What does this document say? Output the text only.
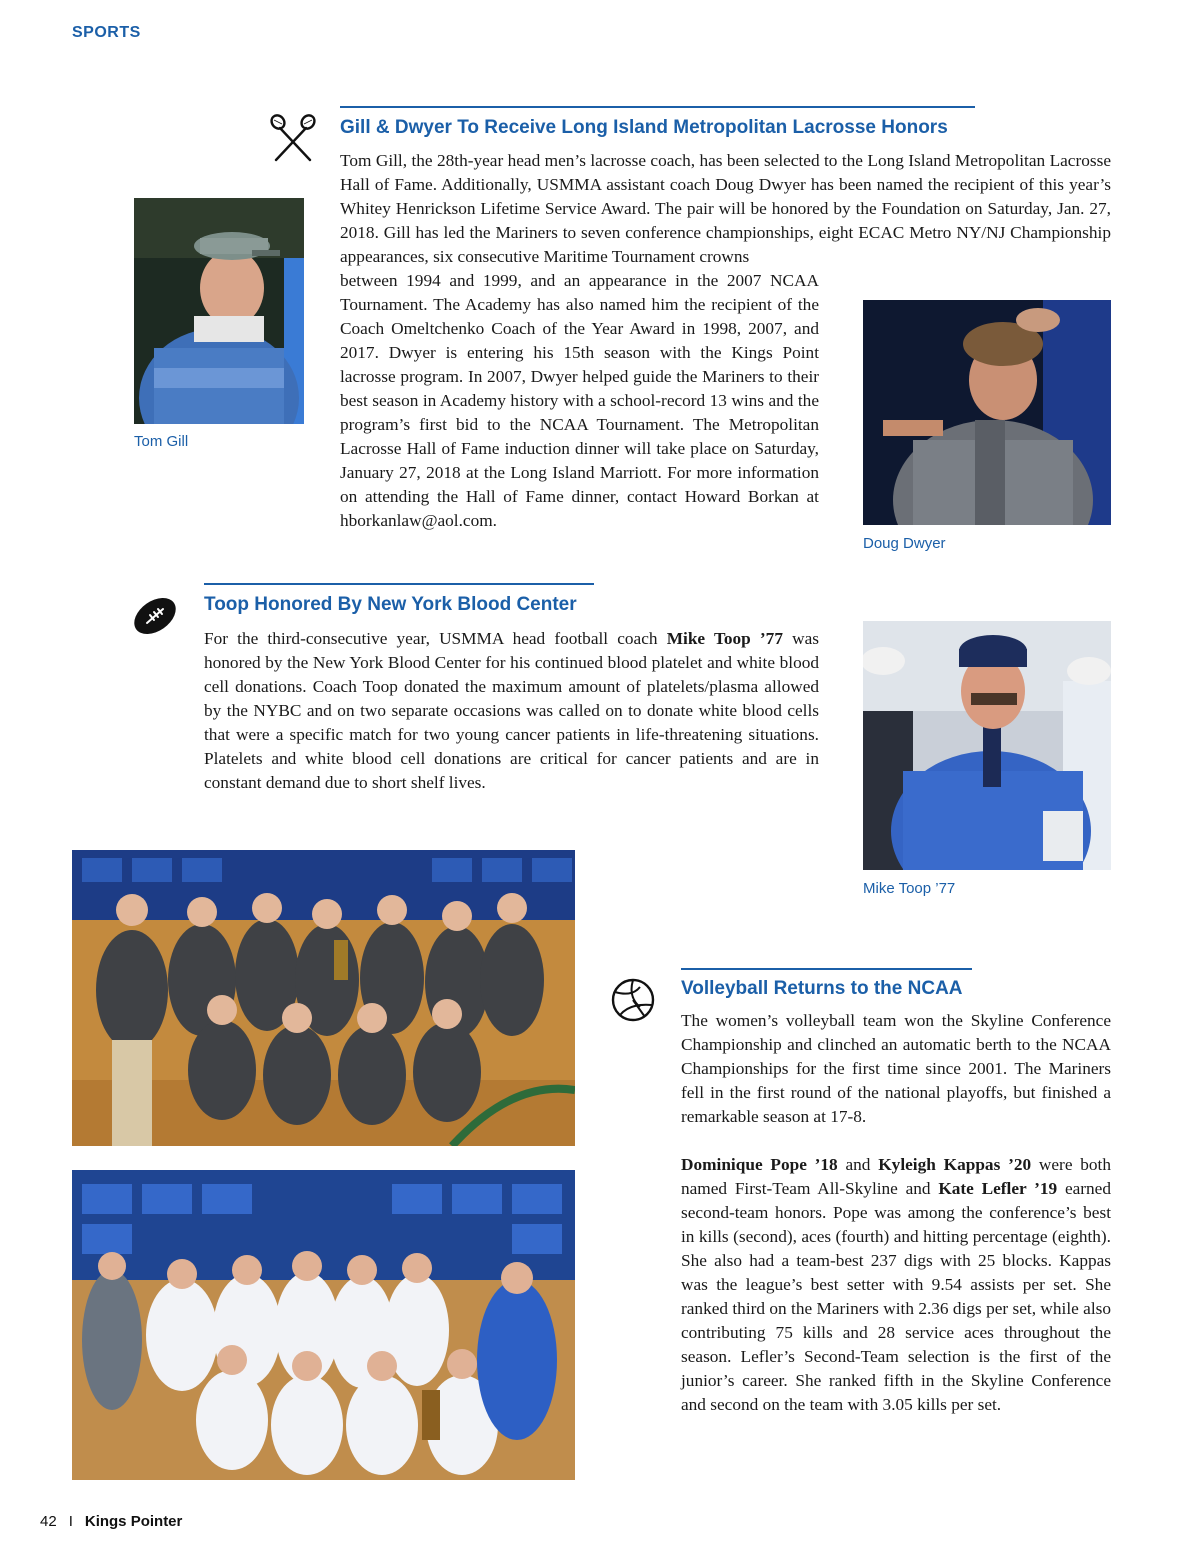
SPORTS
Gill & Dwyer To Receive Long Island Metropolitan Lacrosse Honors

Tom Gill, the 28th-year head men’s lacrosse coach, has been selected to the Long Island Metropolitan Lacrosse Hall of Fame. Additionally, USMMA assistant coach Doug Dwyer has been named the recipient of this year’s Whitey Henrickson Lifetime Service Award. The pair will be honored by the Foundation on Saturday, Jan. 27, 2018. Gill has led the Mariners to seven conference championships, eight ECAC Metro NY/NJ Championship appearances, six consecutive Maritime Tournament crowns

between 1994 and 1999, and an appearance in the 2007 NCAA Tournament. The Academy has also named him the recipient of the Coach Omeltchenko Coach of the Year Award in 1998, 2007, and 2017. Dwyer is entering his 15th season with the Kings Point lacrosse program. In 2007, Dwyer helped guide the Mariners to their best season in Academy history with a school-record 13 wins and the program’s first bid to the NCAA Tournament. The Metropolitan Lacrosse Hall of Fame induction dinner will take place on Saturday, January 27, 2018 at the Long Island Marriott. For more information on attending the Hall of Fame dinner, contact Howard Borkan at hborkanlaw@aol.com.

Tom Gill
Doug Dwyer
Toop Honored By New York Blood Center

For the third-consecutive year, USMMA head football coach Mike Toop ’77 was honored by the New York Blood Center for his continued blood platelet and white blood cell donations. Coach Toop donated the maximum amount of platelets/plasma allowed by the NYBC and on two separate occasions was called on to donate white blood cells that were a specific match for two young cancer patients in life-threatening situations. Platelets and white blood cell donations are critical for cancer patients and are in constant demand due to short shelf lives.

Mike Toop ’77
Volleyball Returns to the NCAA

The women’s volleyball team won the Skyline Conference Championship and clinched an automatic berth to the NCAA Championships for the first time since 2001. The Mariners fell in the first round of the national playoffs, but finished a remarkable season at 17-8.

Dominique Pope ’18 and Kyleigh Kappas ’20 were both named First-Team All-Skyline and Kate Lefler ’19 earned second-team honors. Pope was among the conference’s best in kills (second), aces (fourth) and hitting percentage (eighth). She also had a team-best 237 digs with 25 blocks. Kappas was the league’s best setter with 9.54 assists per set. She ranked third on the Mariners with 2.36 digs per set, while also contributing 75 kills and 28 service aces throughout the season. Lefler’s Second-Team selection is the first of the junior’s career. She ranked fifth in the Skyline Conference and second on the team with 3.05 kills per set.

42 I Kings Pointer
